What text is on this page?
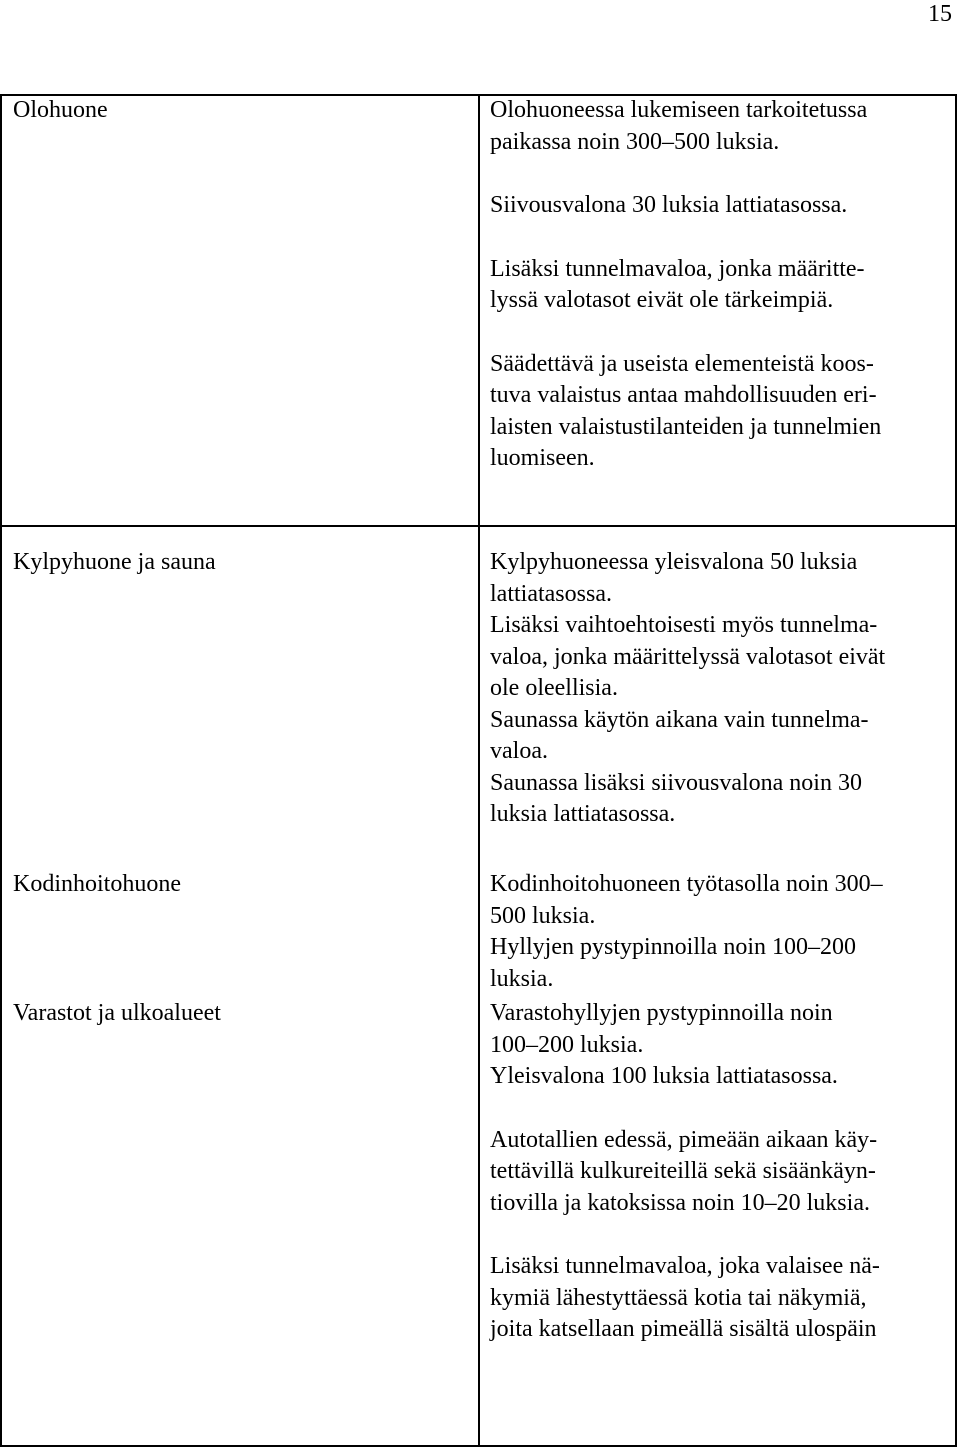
15
Olohuone
Kylpyhuone ja sauna
Kodinhoitohuone
Varastot ja ulkoalueet

Olohuoneessa lukemiseen tarkoitetussa
paikassa noin 300–500 luksia.

Siivousvalona 30 luksia lattiatasossa.

Lisäksi tunnelmavaloa, jonka määritte-
lyssä valotasot eivät ole tärkeimpiä.

Säädettävä ja useista elementeistä koos-
tuva valaistus antaa mahdollisuuden eri-
laisten valaistustilanteiden ja tunnelmien
luomiseen.

Kylpyhuoneessa yleisvalona 50 luksia
lattiatasossa.
Lisäksi vaihtoehtoisesti myös tunnelma-
valoa, jonka määrittelyssä valotasot eivät
ole oleellisia.
Saunassa käytön aikana vain tunnelma-
valoa.
Saunassa lisäksi siivousvalona noin 30
luksia lattiatasossa.

Kodinhoitohuoneen työtasolla noin 300–
500 luksia.
Hyllyjen pystypinnoilla noin 100–200
luksia.

Varastohyllyjen pystypinnoilla noin
100–200 luksia.
Yleisvalona 100 luksia lattiatasossa.

Autotallien edessä, pimeään aikaan käy-
tettävillä kulkureiteillä sekä sisäänkäyn-
tiovilla ja katoksissa noin 10–20 luksia.

Lisäksi tunnelmavaloa, joka valaisee nä-
kymiä lähestyttäessä kotia tai näkymiä,
joita katsellaan pimeällä sisältä ulospäin
